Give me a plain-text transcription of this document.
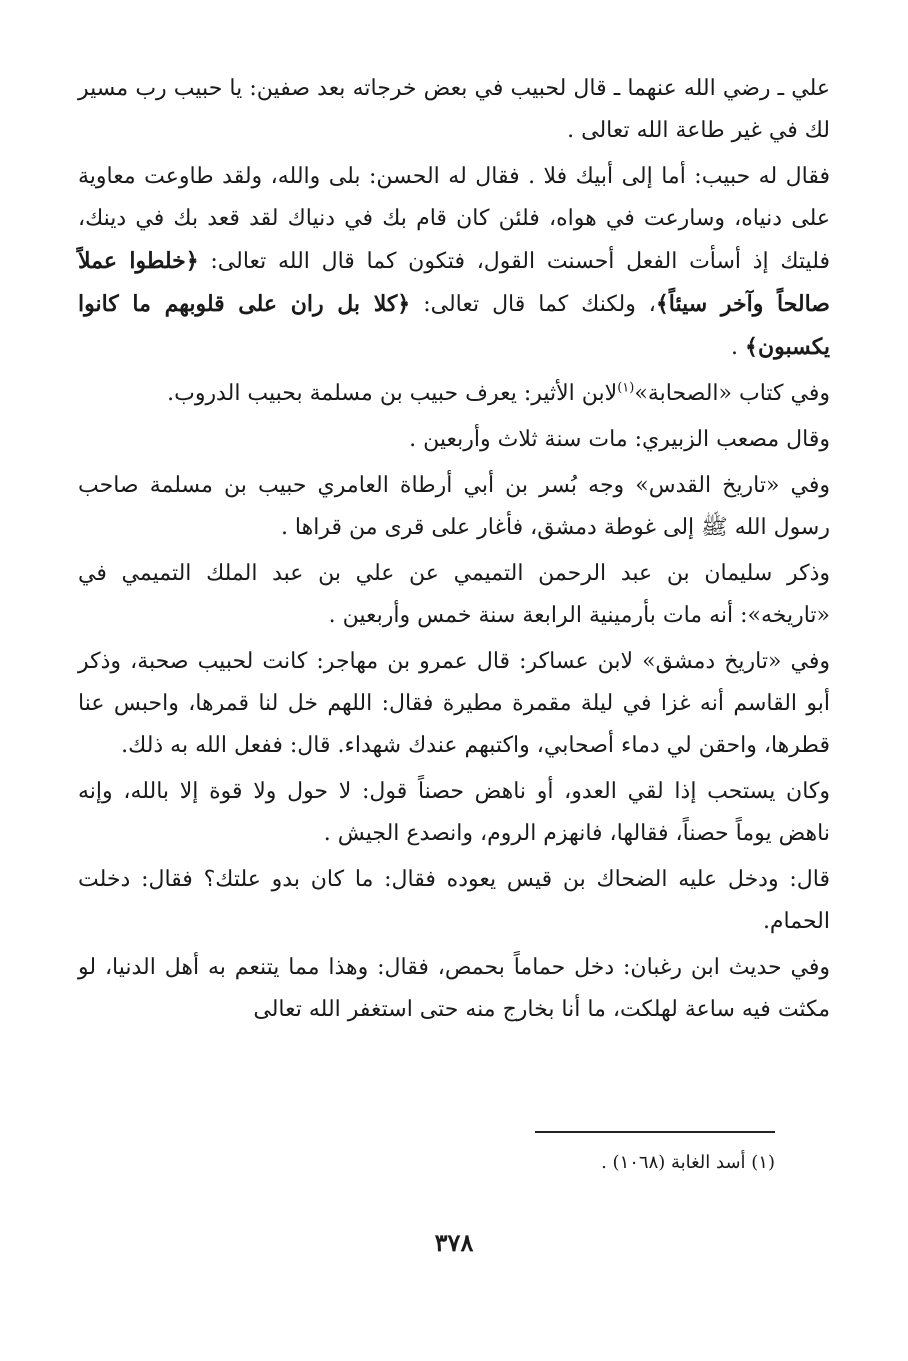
علي ـ رضي الله عنهما ـ قال لحبيب في بعض خرجاته بعد صفين: يا حبيب رب مسير لك في غير طاعة الله تعالى .

فقال له حبيب: أما إلى أبيك فلا . فقال له الحسن: بلى والله، ولقد طاوعت معاوية على دنياه، وسارعت في هواه، فلئن كان قام بك في دنياك لقد قعد بك في دينك، فليتك إذ أسأت الفعل أحسنت القول، فتكون كما قال الله تعالى: ﴿خلطوا عملاً صالحاً وآخر سيئاً﴾، ولكنك كما قال تعالى: ﴿كلا بل ران على قلوبهم ما كانوا يكسبون﴾ .

وفي كتاب «الصحابة»$^{(١)}$لابن الأثير: يعرف حبيب بن مسلمة بحبيب الدروب.

وقال مصعب الزبيري: مات سنة ثلاث وأربعين .

وفي «تاريخ القدس» وجه بُسر بن أبي أرطاة العامري حبيب بن مسلمة صاحب رسول الله ﷺ إلى غوطة دمشق، فأغار على قرى من قراها .

وذكر سليمان بن عبد الرحمن التميمي عن علي بن عبد الملك التميمي في «تاريخه»: أنه مات بأرمينية الرابعة سنة خمس وأربعين .

وفي «تاريخ دمشق» لابن عساكر: قال عمرو بن مهاجر: كانت لحبيب صحبة، وذكر أبو القاسم أنه غزا في ليلة مقمرة مطيرة فقال: اللهم خل لنا قمرها، واحبس عنا قطرها، واحقن لي دماء أصحابي، واكتبهم عندك شهداء. قال: ففعل الله به ذلك.

وكان يستحب إذا لقي العدو، أو ناهض حصناً قول: لا حول ولا قوة إلا بالله، وإنه ناهض يوماً حصناً، فقالها، فانهزم الروم، وانصدع الجيش .

قال: ودخل عليه الضحاك بن قيس يعوده فقال: ما كان بدو علتك؟ فقال: دخلت الحمام.

وفي حديث ابن رغبان: دخل حماماً بحمص، فقال: وهذا مما يتنعم به أهل الدنيا، لو مكثت فيه ساعة لهلكت، ما أنا بخارج منه حتى استغفر الله تعالى

(١) أسد الغابة (١٠٦٨) .

٣٧٨
